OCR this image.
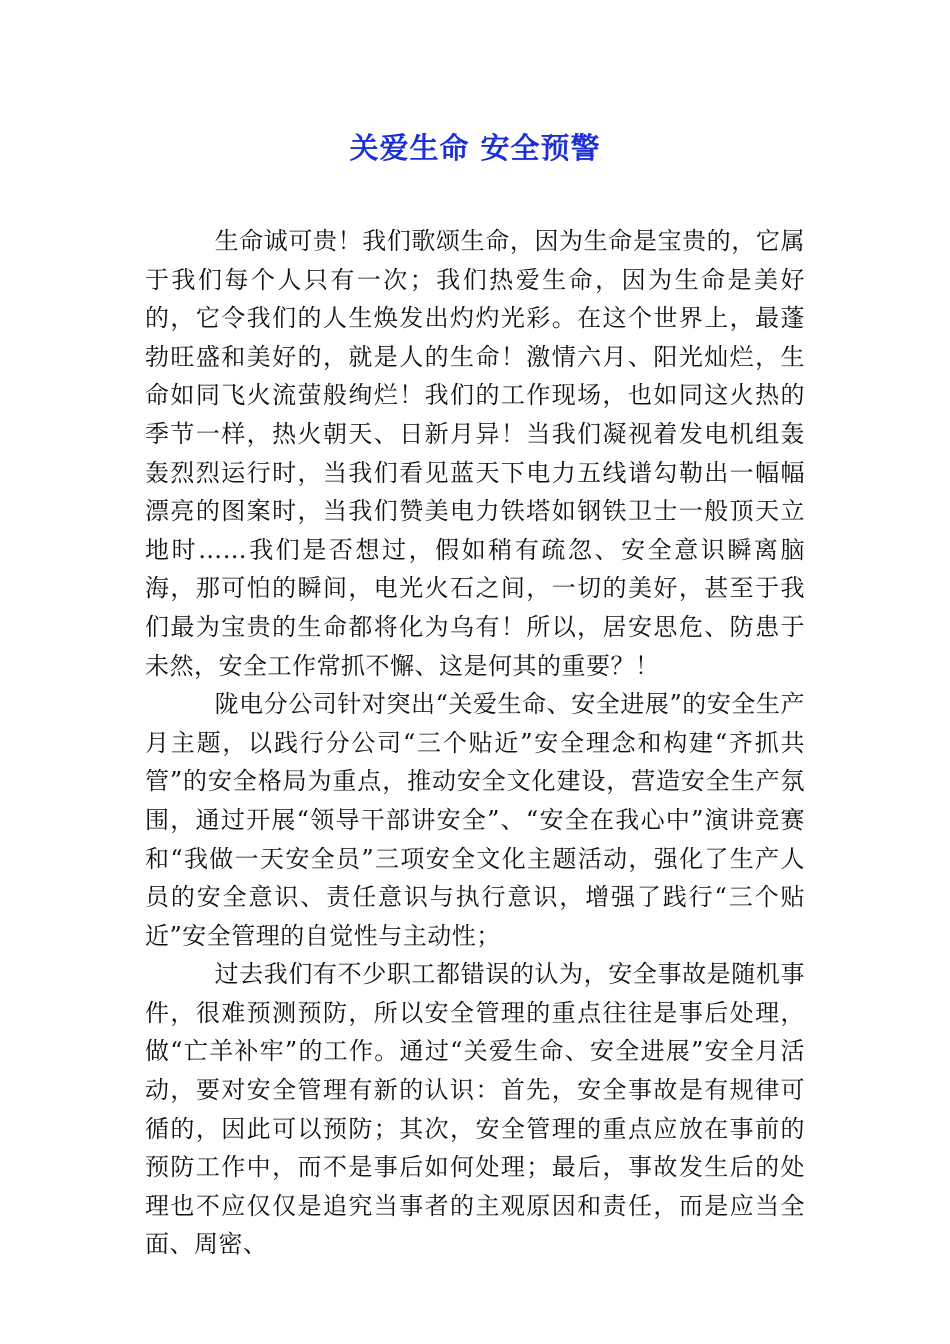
关爱生命 安全预警

生命诚可贵！我们歌颂生命，因为生命是宝贵的，它属于我们每个人只有一次；我们热爱生命，因为生命是美好的，它令我们的人生焕发出灼灼光彩。在这个世界上，最蓬勃旺盛和美好的，就是人的生命！激情六月、阳光灿烂，生命如同飞火流萤般绚烂！我们的工作现场，也如同这火热的季节一样，热火朝天、日新月异！当我们凝视着发电机组轰轰烈烈运行时，当我们看见蓝天下电力五线谱勾勒出一幅幅漂亮的图案时，当我们赞美电力铁塔如钢铁卫士一般顶天立地时……我们是否想过，假如稍有疏忽、安全意识瞬离脑海，那可怕的瞬间，电光火石之间，一切的美好，甚至于我们最为宝贵的生命都将化为乌有！所以，居安思危、防患于未然，安全工作常抓不懈、这是何其的重要？！

陇电分公司针对突出“关爱生命、安全进展”的安全生产月主题，以践行分公司“三个贴近”安全理念和构建“齐抓共管”的安全格局为重点，推动安全文化建设，营造安全生产氛围，通过开展“领导干部讲安全”、“安全在我心中”演讲竞赛和“我做一天安全员”三项安全文化主题活动，强化了生产人员的安全意识、责任意识与执行意识，增强了践行“三个贴近”安全管理的自觉性与主动性；

过去我们有不少职工都错误的认为，安全事故是随机事件，很难预测预防，所以安全管理的重点往往是事后处理，做“亡羊补牢”的工作。通过“关爱生命、安全进展”安全月活动，要对安全管理有新的认识：首先，安全事故是有规律可循的，因此可以预防；其次，安全管理的重点应放在事前的预防工作中，而不是事后如何处理；最后，事故发生后的处理也不应仅仅是追究当事者的主观原因和责任，而是应当全面、周密、
